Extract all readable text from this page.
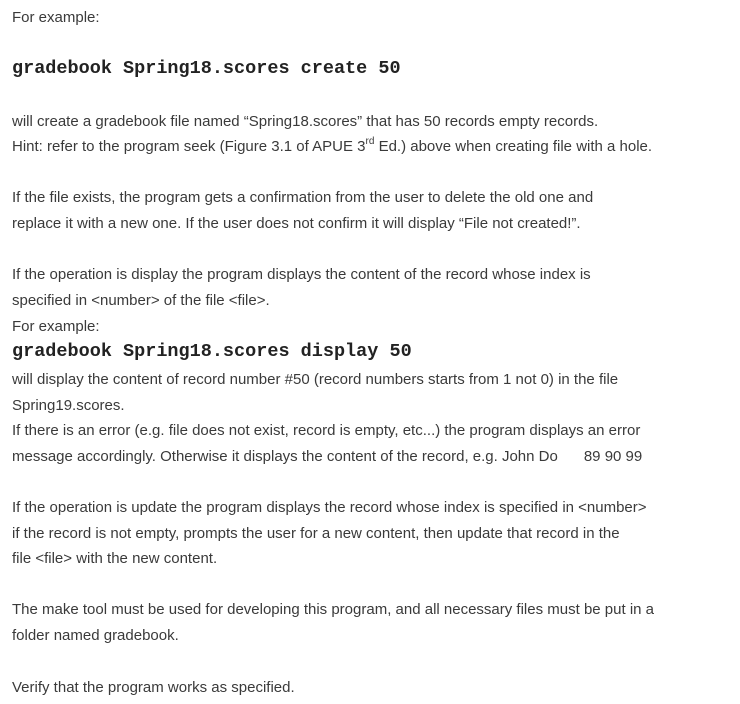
For example:
gradebook Spring18.scores create 50
will create a gradebook file named “Spring18.scores” that has 50 records empty records.
Hint: refer to the program seek (Figure 3.1 of APUE 3rd Ed.) above when creating file with a hole.
If the file exists, the program gets a confirmation from the user to delete the old one and
replace it with a new one. If the user does not confirm it will display “File not created!”.
If the operation is display the program displays the content of the record whose index is
specified in <number> of the file <file>.
For example:
gradebook Spring18.scores display 50
will display the content of record number #50 (record numbers starts from 1 not 0) in the file
Spring19.scores.
If there is an error (e.g. file does not exist, record is empty, etc...) the program displays an error
message accordingly. Otherwise it displays the content of the record, e.g. John Do 89 90 99
If the operation is update the program displays the record whose index is specified in <number>
if the record is not empty, prompts the user for a new content, then update that record in the
file <file> with the new content.
The make tool must be used for developing this program, and all necessary files must be put in a
folder named gradebook.
Verify that the program works as specified.
